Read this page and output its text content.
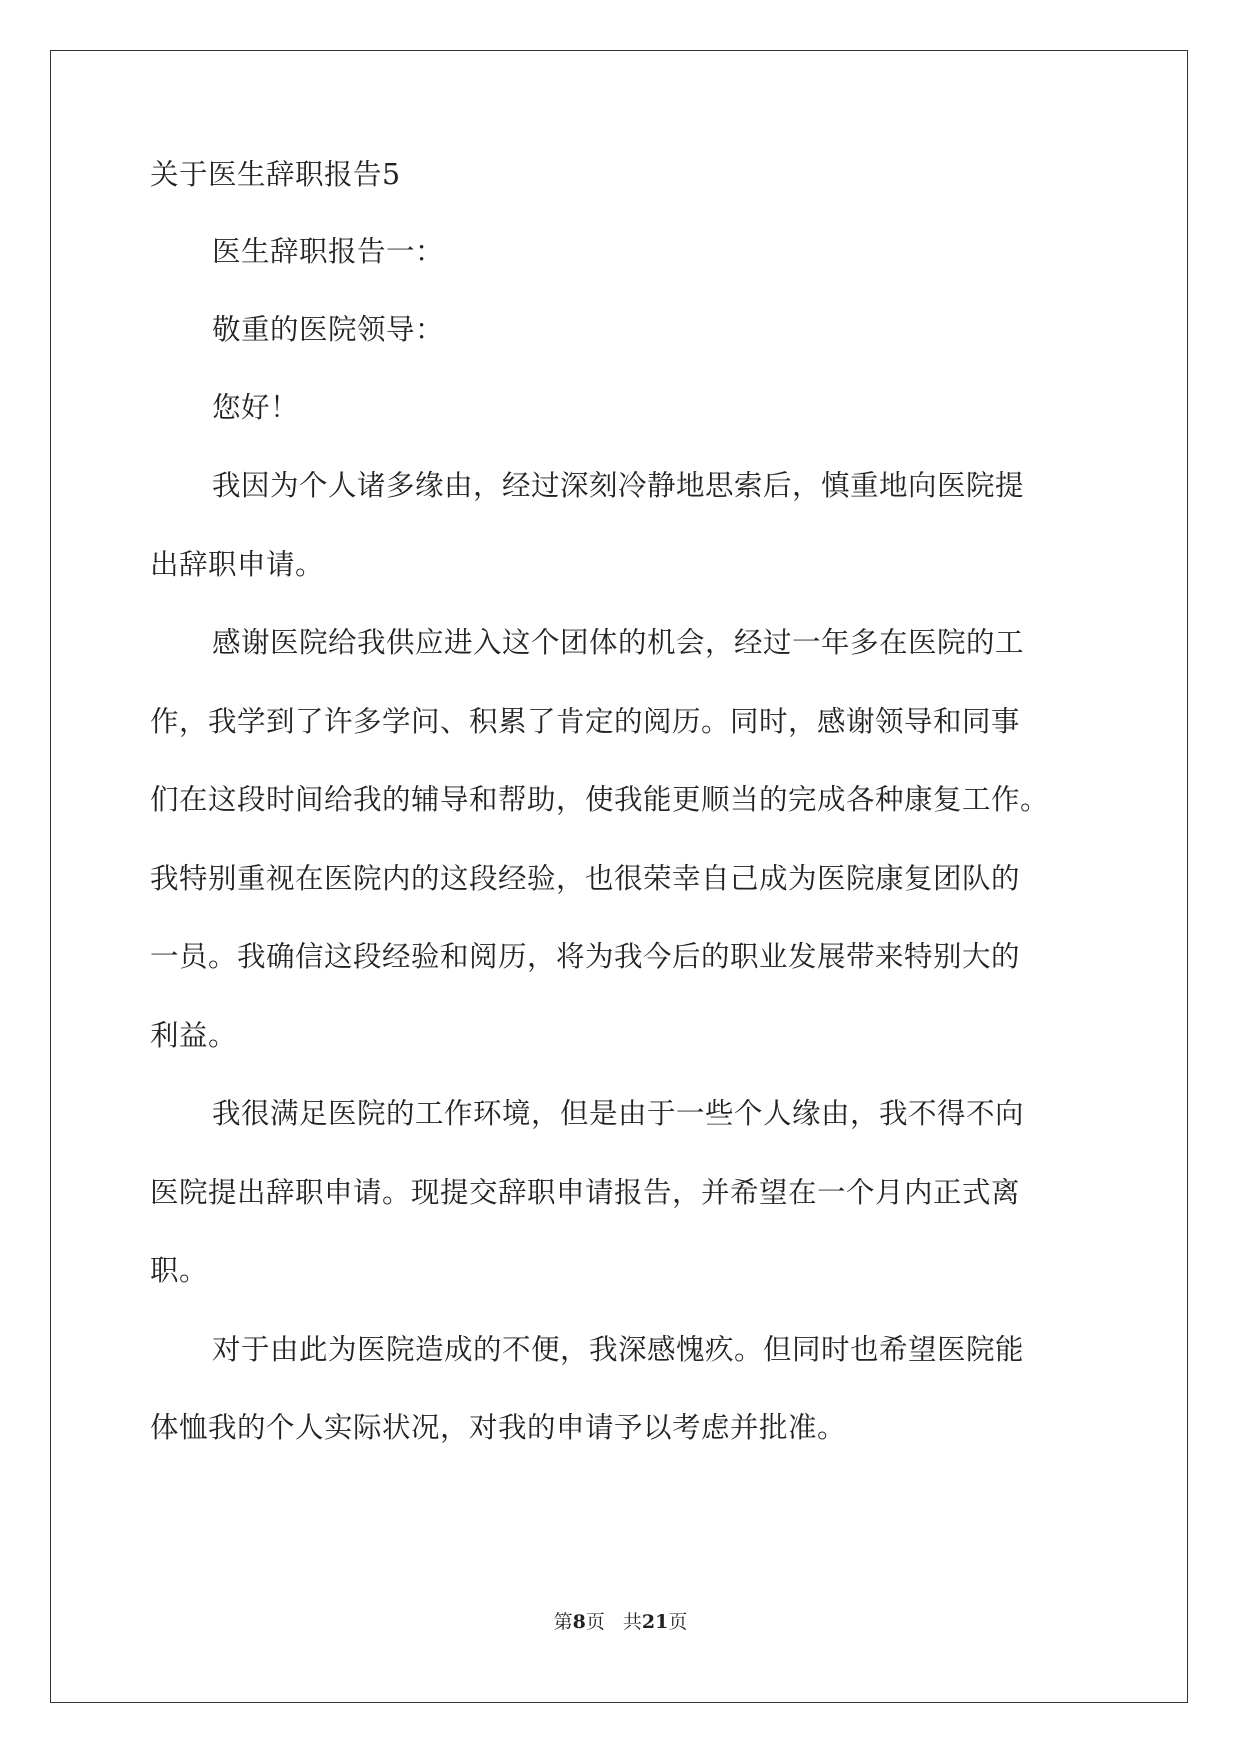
关于医生辞职报告5
医生辞职报告一：
敬重的医院领导：
您好！
我因为个人诸多缘由，经过深刻冷静地思索后，慎重地向医院提
出辞职申请。
感谢医院给我供应进入这个团体的机会，经过一年多在医院的工
作，我学到了许多学问、积累了肯定的阅历。同时，感谢领导和同事
们在这段时间给我的辅导和帮助，使我能更顺当的完成各种康复工作。
我特别重视在医院内的这段经验，也很荣幸自己成为医院康复团队的
一员。我确信这段经验和阅历，将为我今后的职业发展带来特别大的
利益。
我很满足医院的工作环境，但是由于一些个人缘由，我不得不向
医院提出辞职申请。现提交辞职申请报告，并希望在一个月内正式离
职。
对于由此为医院造成的不便，我深感愧疚。但同时也希望医院能
体恤我的个人实际状况，对我的申请予以考虑并批准。
第8页 共21页
